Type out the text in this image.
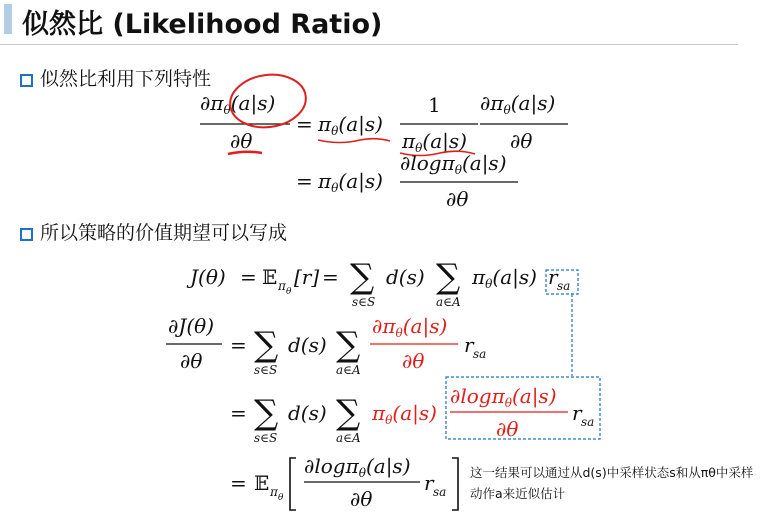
似然比 (Likelihood Ratio)
似然比利用下列特性
所以策略的价值期望可以写成
$\partial\pi_\theta(a|s)$
∂θ
= $\pi_\theta(a|s)$
1
$\pi_\theta(a|s)$
$\partial\pi_\theta(a|s)$
∂θ
= $\pi_\theta(a|s)$
∂logπ$_\theta$(a|s)
∂θ
J(θ) = 𝔼 π θ
[r] = ∑
s∈S
d(s) ∑
a∈A
$\pi_\theta(a|s)$ r sa
∂J(θ)
∂θ
= ∑
s∈S
d(s) ∑
a∈A
$\partial\pi_\theta(a|s)$
∂θ
r sa
= ∑
s∈S
d(s) ∑
a∈A
$\pi_\theta(a|s)$
∂logπ$_\theta$(a|s)
∂θ
r sa
= 𝔼 π θ
∂logπ$_\theta$(a|s)
∂θ
r sa
这一结果可以通过从d(s)中采样状态s和从πθ中采样动作a来近似估计
